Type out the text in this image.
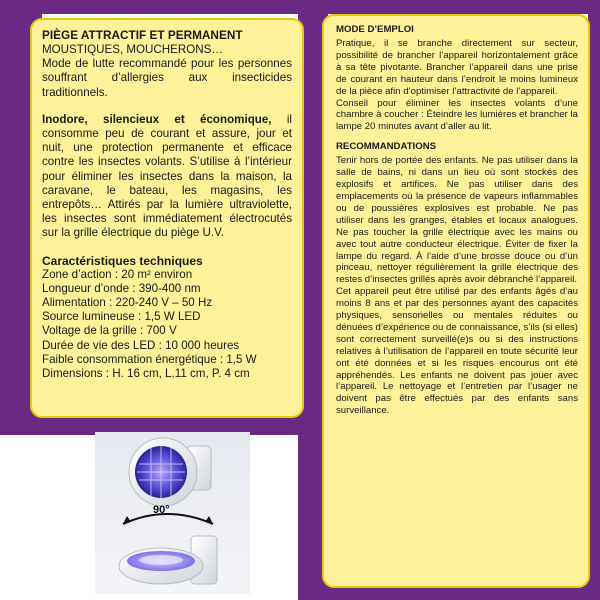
PIÈGE ATTRACTIF ET PERMANENT

MOUSTIQUES, MOUCHERONS…

Mode de lutte recommandé pour les personnes souffrant d’allergies aux insecticides traditionnels.

Inodore, silencieux et économique, il consomme peu de courant et assure, jour et nuit, une protection permanente et efficace contre les insectes volants. S’utilise à l’intérieur pour éliminer les insectes dans la maison, la caravane, le bateau, les magasins, les entrepôts… Attirés par la lumière ultraviolette, les insectes sont immédiatement électrocutés sur la grille électrique du piège U.V.

Caractéristiques techniques

Zone d’action : 20 m² environ

Longueur d’onde : 390-400 nm

Alimentation : 220-240 V – 50 Hz

Source lumineuse : 1,5 W LED

Voltage de la grille : 700 V

Durée de vie des LED : 10 000 heures

Faible consommation énergétique : 1,5 W

Dimensions : H. 16 cm, L.11 cm, P. 4 cm

MODE D’EMPLOI

Pratique, il se branche directement sur secteur, possibilité de brancher l’appareil horizontalement grâce à sa tête pivotante. Brancher l’appareil dans une prise de courant en hauteur dans l’endroit le moins lumineux de la pièce afin d’optimiser l’attractivité de l’appareil.

Conseil pour éliminer les insectes volants d’une chambre à coucher : Éteindre les lumières et brancher la lampe 20 minutes avant d’aller au lit.

RECOMMANDATIONS

Tenir hors de portée des enfants. Ne pas utiliser dans la salle de bains, ni dans un lieu où sont stockés des explosifs et artifices. Ne pas utiliser dans des emplacements où la présence de vapeurs inflammables ou de poussières explosives est probable. Ne pas utiliser dans les granges, étables et locaux analogues. Ne pas toucher la grille électrique avec les mains ou avec tout autre conducteur électrique. Éviter de fixer la lampe du regard. À l’aide d’une brosse douce ou d’un pinceau, nettoyer régulièrement la grille électrique des restes d’insectes grillés après avoir débranché l’appareil.

Cet appareil peut être utilisé par des enfants âgés d’au moins 8 ans et par des personnes ayant des capacités physiques, sensorielles ou mentales réduites ou dénuées d’expérience ou de connaissance, s’ils (si elles) sont correctement surveillé(e)s ou si des instructions relatives à l’utilisation de l’appareil en toute sécurité leur ont été données et si les risques encourus ont été appréhendés. Les enfants ne doivent pas jouer avec l’appareil. Le nettoyage et l’entretien par l’usager ne doivent pas être effectués par des enfants sans surveillance.

90°
